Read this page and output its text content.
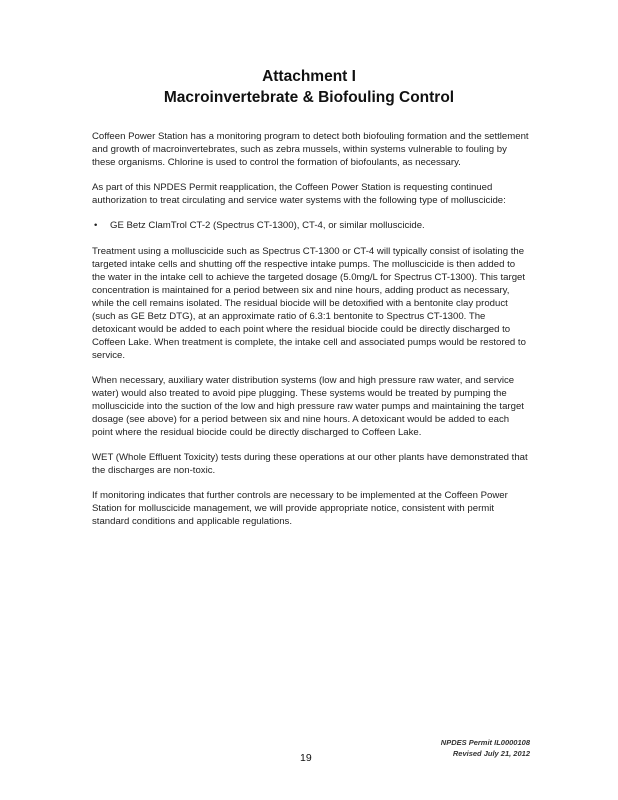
Attachment I
Macroinvertebrate & Biofouling Control

Coffeen Power Station has a monitoring program to detect both biofouling formation and the settlement and growth of macroinvertebrates, such as zebra mussels, within systems vulnerable to fouling by these organisms. Chlorine is used to control the formation of biofoulants, as necessary.

As part of this NPDES Permit reapplication, the Coffeen Power Station is requesting continued authorization to treat circulating and service water systems with the following type of molluscicide:

• GE Betz ClamTrol CT-2 (Spectrus CT-1300), CT-4, or similar molluscicide.

Treatment using a molluscicide such as Spectrus CT-1300 or CT-4 will typically consist of isolating the targeted intake cells and shutting off the respective intake pumps. The molluscicide is then added to the water in the intake cell to achieve the targeted dosage (5.0mg/L for Spectrus CT-1300). This target concentration is maintained for a period between six and nine hours, adding product as necessary, while the cell remains isolated. The residual biocide will be detoxified with a bentonite clay product (such as GE Betz DTG), at an approximate ratio of 6.3:1 bentonite to Spectrus CT-1300. The detoxicant would be added to each point where the residual biocide could be directly discharged to Coffeen Lake. When treatment is complete, the intake cell and associated pumps would be restored to service.

When necessary, auxiliary water distribution systems (low and high pressure raw water, and service water) would also treated to avoid pipe plugging. These systems would be treated by pumping the molluscicide into the suction of the low and high pressure raw water pumps and maintaining the target dosage (see above) for a period between six and nine hours. A detoxicant would be added to each point where the residual biocide could be directly discharged to Coffeen Lake.

WET (Whole Effluent Toxicity) tests during these operations at our other plants have demonstrated that the discharges are non-toxic.

If monitoring indicates that further controls are necessary to be implemented at the Coffeen Power Station for molluscicide management, we will provide appropriate notice, consistent with permit standard conditions and applicable regulations.

19
NPDES Permit IL0000108
Revised July 21, 2012
